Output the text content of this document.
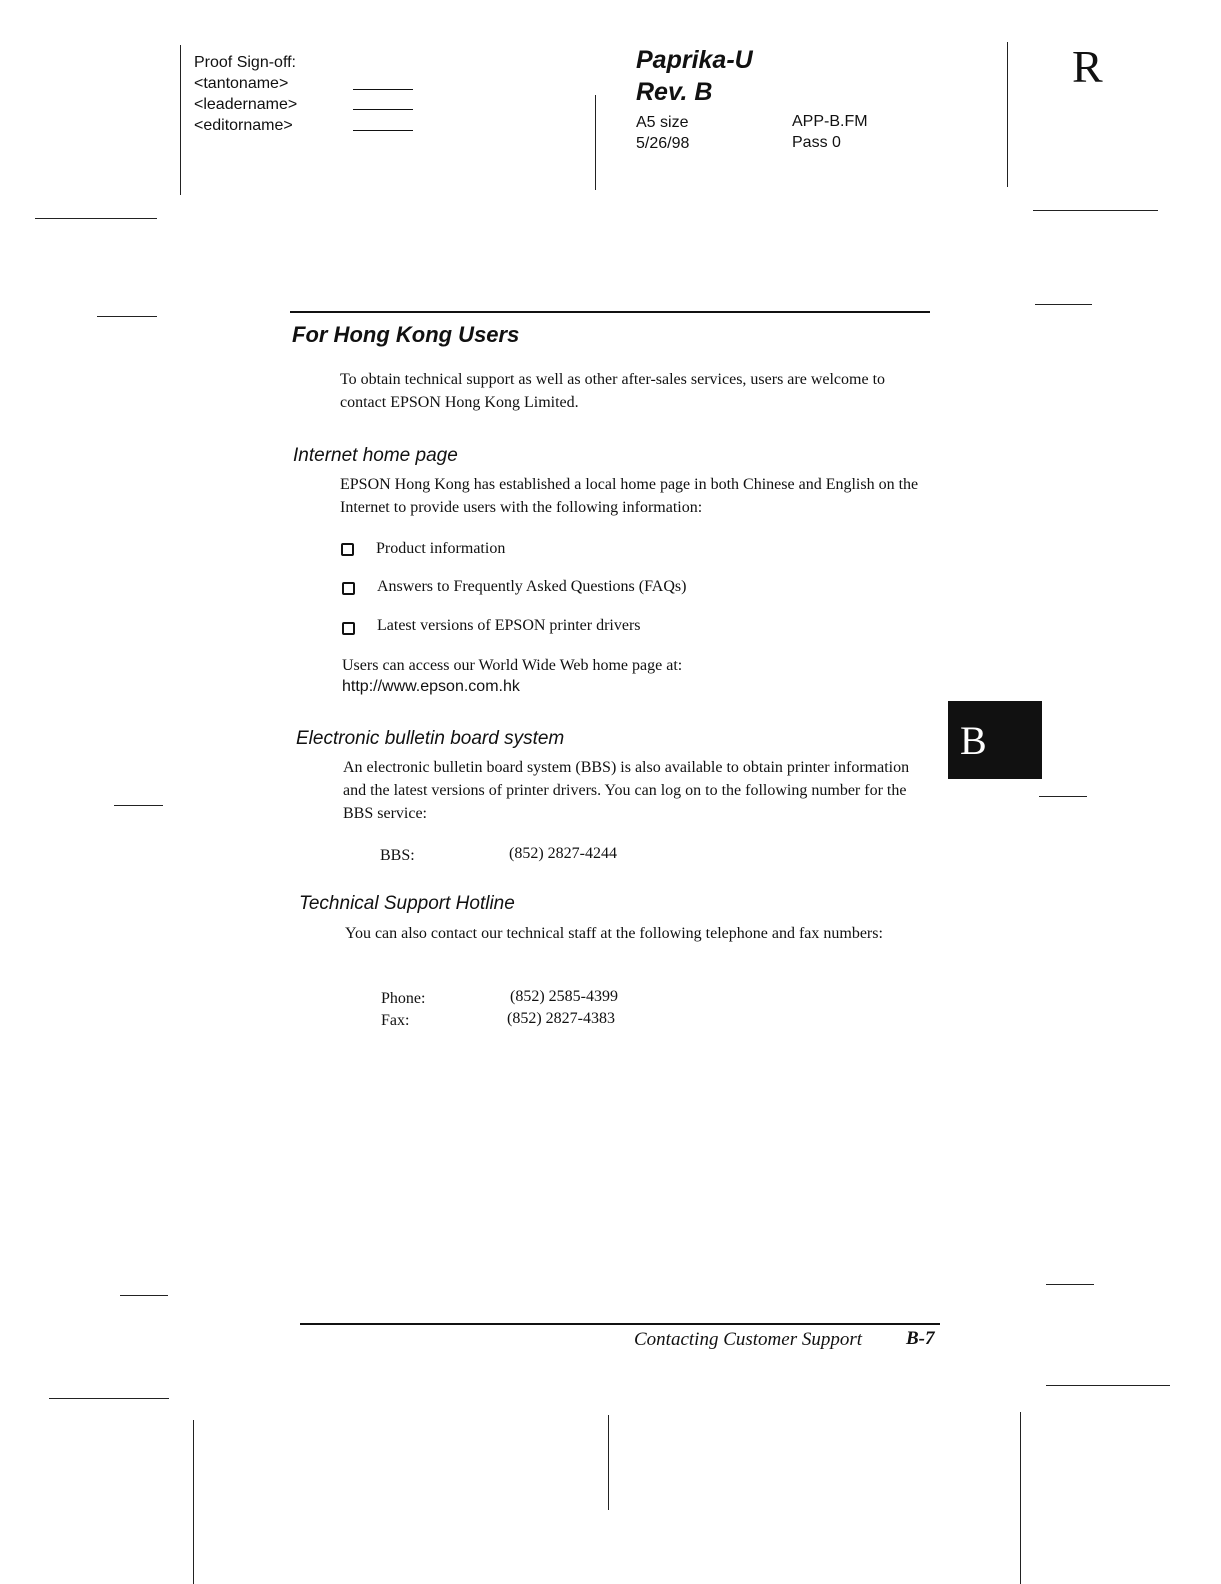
Proof Sign-off:
<tantoname>
<leadername>
<editorname>
Paprika-U
Rev. B
A5 size
5/26/98
APP-B.FM
Pass 0
R
For Hong Kong Users
To obtain technical support as well as other after-sales services, users are welcome to contact EPSON Hong Kong Limited.
Internet home page
EPSON Hong Kong has established a local home page in both Chinese and English on the Internet to provide users with the following information:
Product information
Answers to Frequently Asked Questions (FAQs)
Latest versions of EPSON printer drivers
Users can access our World Wide Web home page at:
http://www.epson.com.hk
B
Electronic bulletin board system
An electronic bulletin board system (BBS) is also available to obtain printer information and the latest versions of printer drivers. You can log on to the following number for the BBS service:
BBS:	(852) 2827-4244
Technical Support Hotline
You can also contact our technical staff at the following telephone and fax numbers:
Phone:	(852) 2585-4399
Fax:	(852) 2827-4383
Contacting Customer Support B-7
